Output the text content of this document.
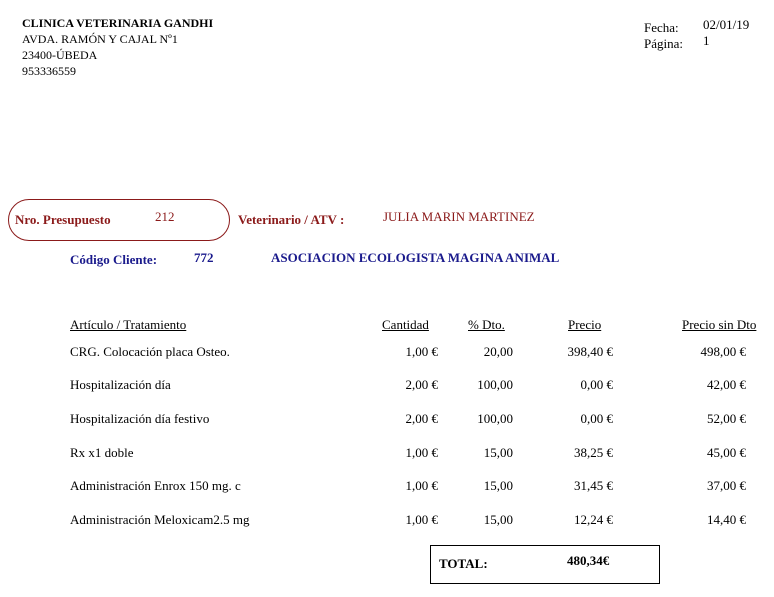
CLINICA VETERINARIA GANDHI
AVDA. RAMÓN Y CAJAL Nº1
23400-ÚBEDA
953336559
Fecha: 02/01/19
Página: 1
Nro. Presupuesto	212	Veterinario / ATV :	JULIA MARIN MARTINEZ
Código Cliente:	772	ASOCIACION ECOLOGISTA MAGINA ANIMAL
Artículo / Tratamiento	Cantidad	% Dto.	Precio	Precio sin Dto
CRG. Colocación placa Osteo.	1,00 €	20,00	398,40 €	498,00 €
Hospitalización día	2,00 €	100,00	0,00 €	42,00 €
Hospitalización día festivo	2,00 €	100,00	0,00 €	52,00 €
Rx x1 doble	1,00 €	15,00	38,25 €	45,00 €
Administración Enrox 150 mg. c	1,00 €	15,00	31,45 €	37,00 €
Administración Meloxicam2.5 mg	1,00 €	15,00	12,24 €	14,40 €
TOTAL:	480,34€
